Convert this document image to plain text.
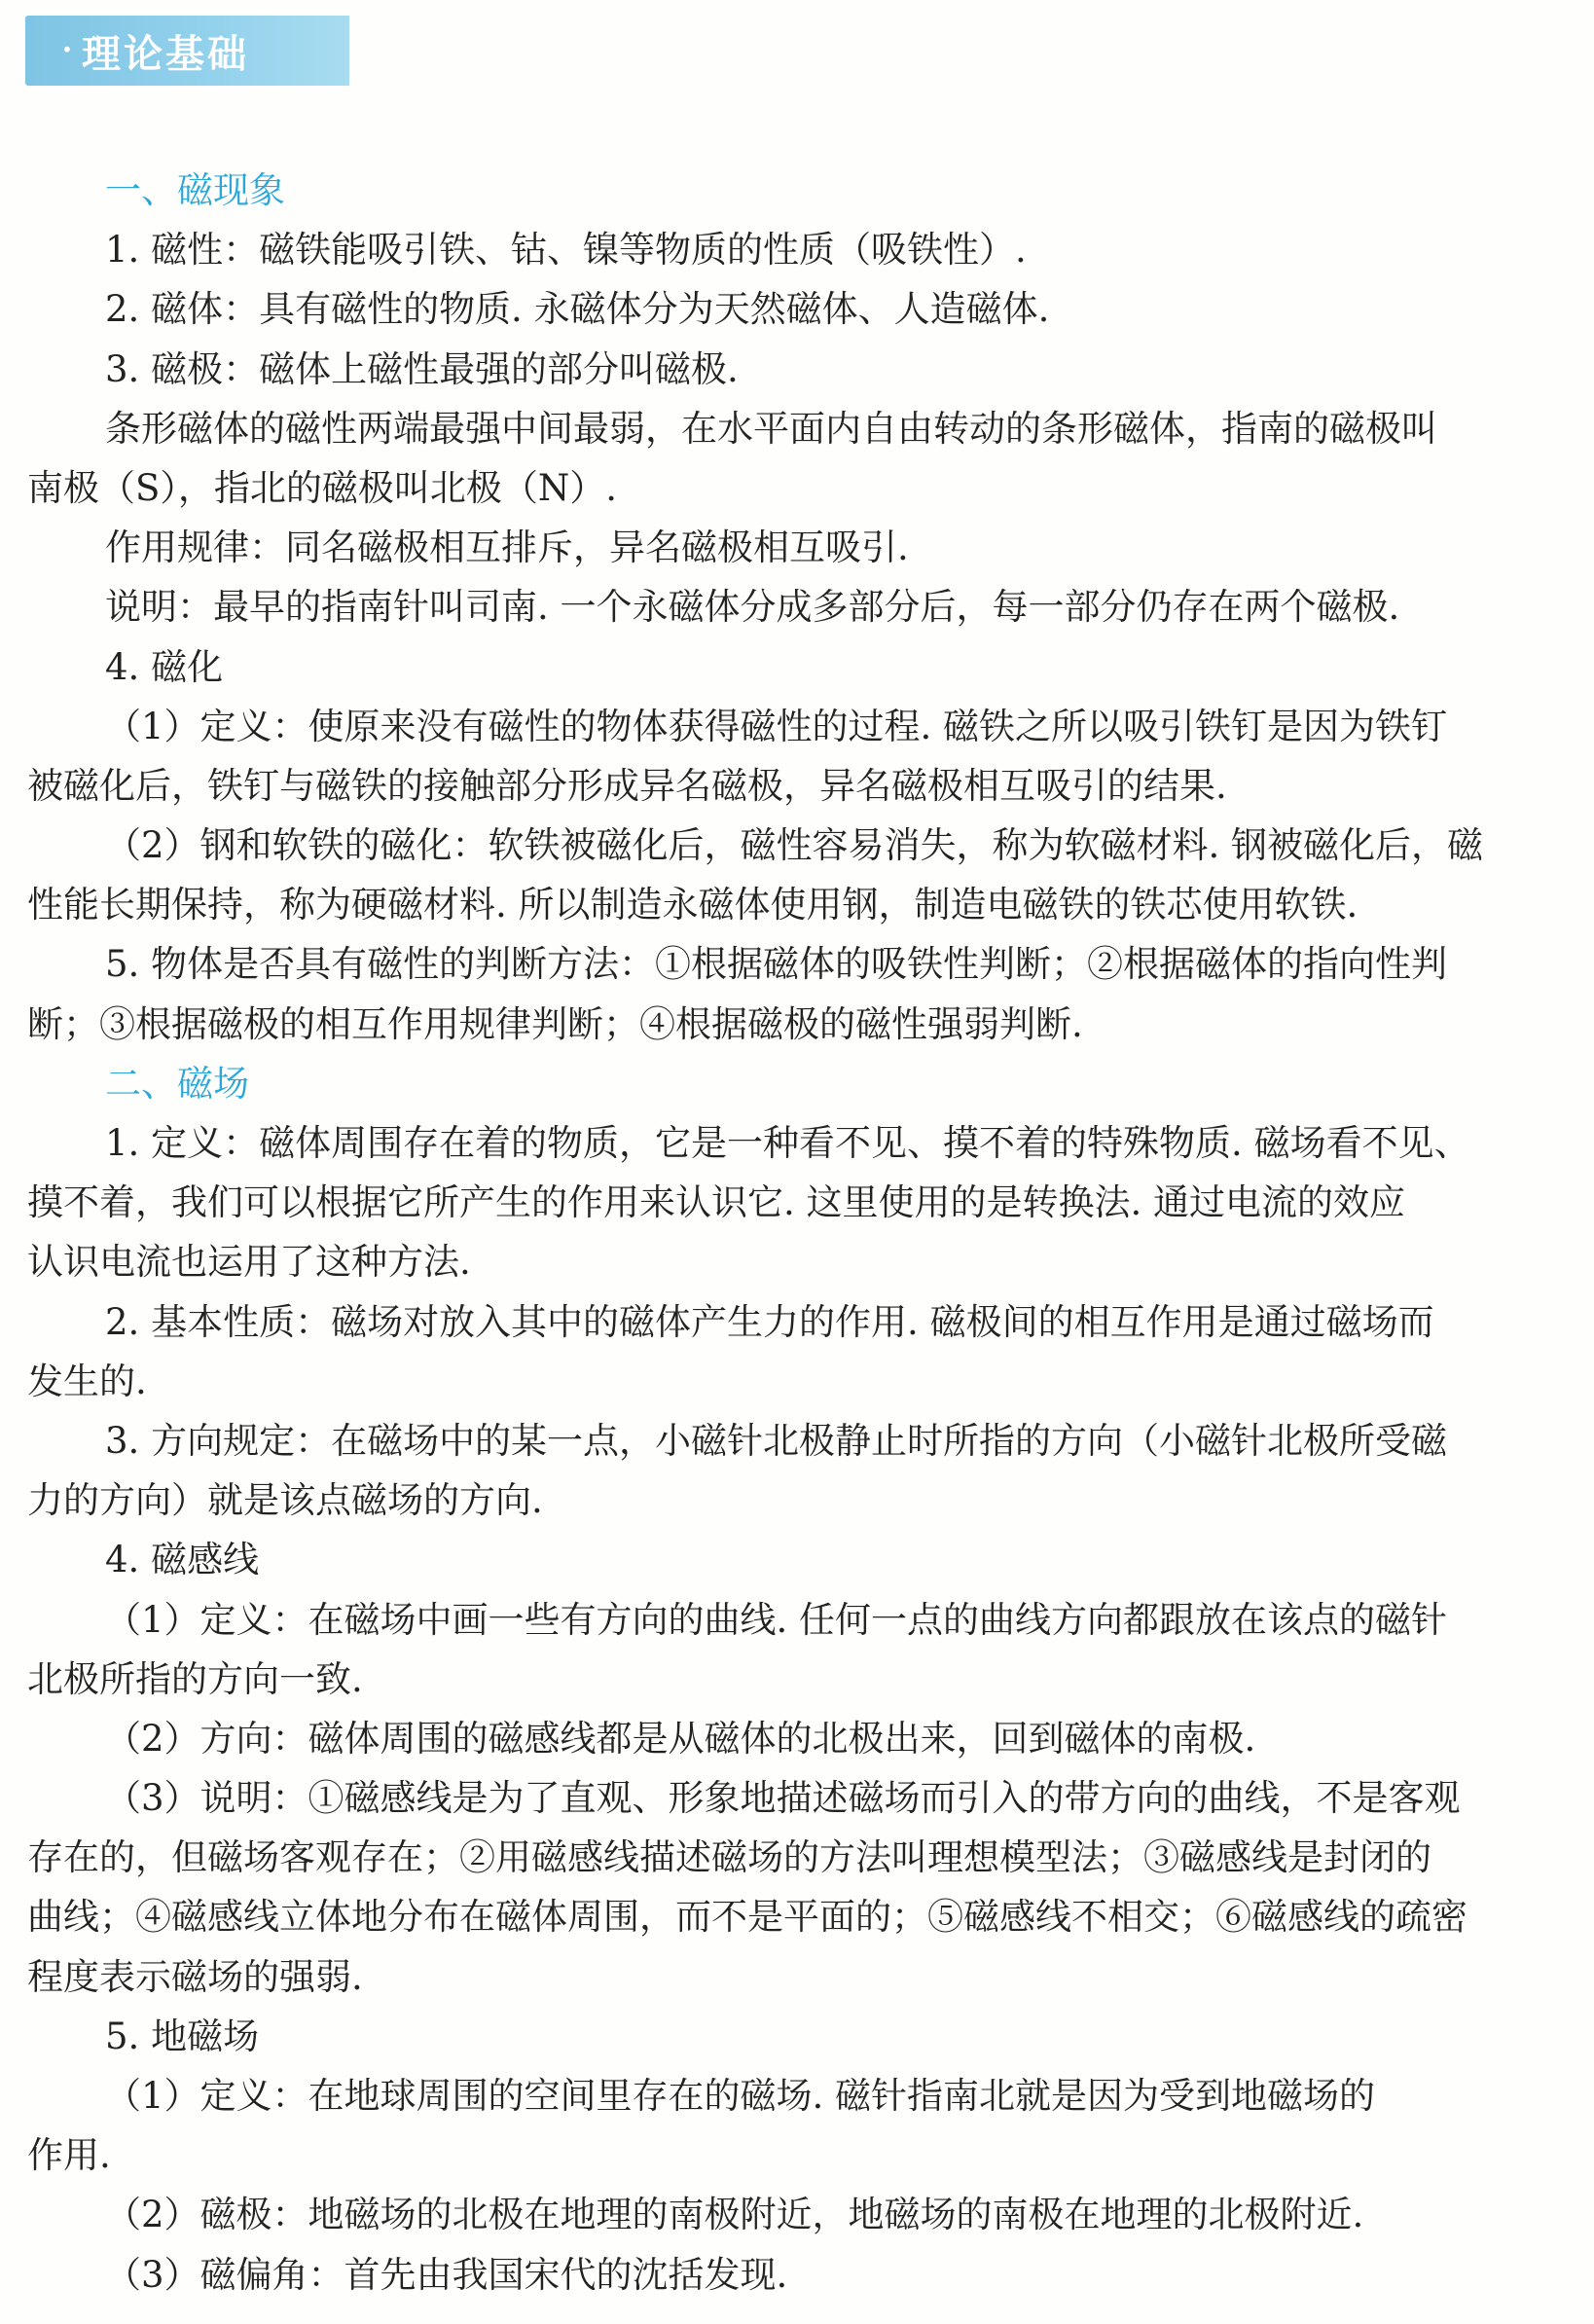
· 理论基础
一、磁现象
1. 磁性：磁铁能吸引铁、钴、镍等物质的性质（吸铁性）.
2. 磁体：具有磁性的物质. 永磁体分为天然磁体、人造磁体.
3. 磁极：磁体上磁性最强的部分叫磁极.
条形磁体的磁性两端最强中间最弱，在水平面内自由转动的条形磁体，指南的磁极叫
南极（S），指北的磁极叫北极（N）.
作用规律：同名磁极相互排斥，异名磁极相互吸引.
说明：最早的指南针叫司南. 一个永磁体分成多部分后，每一部分仍存在两个磁极.
4. 磁化
（1）定义：使原来没有磁性的物体获得磁性的过程. 磁铁之所以吸引铁钉是因为铁钉
被磁化后，铁钉与磁铁的接触部分形成异名磁极，异名磁极相互吸引的结果.
（2）钢和软铁的磁化：软铁被磁化后，磁性容易消失，称为软磁材料. 钢被磁化后，磁
性能长期保持，称为硬磁材料. 所以制造永磁体使用钢，制造电磁铁的铁芯使用软铁.
5. 物体是否具有磁性的判断方法：①根据磁体的吸铁性判断；②根据磁体的指向性判
断；③根据磁极的相互作用规律判断；④根据磁极的磁性强弱判断.
二、磁场
1. 定义：磁体周围存在着的物质，它是一种看不见、摸不着的特殊物质. 磁场看不见、
摸不着，我们可以根据它所产生的作用来认识它. 这里使用的是转换法. 通过电流的效应
认识电流也运用了这种方法.
2. 基本性质：磁场对放入其中的磁体产生力的作用. 磁极间的相互作用是通过磁场而
发生的.
3. 方向规定：在磁场中的某一点，小磁针北极静止时所指的方向（小磁针北极所受磁
力的方向）就是该点磁场的方向.
4. 磁感线
（1）定义：在磁场中画一些有方向的曲线. 任何一点的曲线方向都跟放在该点的磁针
北极所指的方向一致.
（2）方向：磁体周围的磁感线都是从磁体的北极出来，回到磁体的南极.
（3）说明：①磁感线是为了直观、形象地描述磁场而引入的带方向的曲线，不是客观
存在的，但磁场客观存在；②用磁感线描述磁场的方法叫理想模型法；③磁感线是封闭的
曲线；④磁感线立体地分布在磁体周围，而不是平面的；⑤磁感线不相交；⑥磁感线的疏密
程度表示磁场的强弱.
5. 地磁场
（1）定义：在地球周围的空间里存在的磁场. 磁针指南北就是因为受到地磁场的
作用.
（2）磁极：地磁场的北极在地理的南极附近，地磁场的南极在地理的北极附近.
（3）磁偏角：首先由我国宋代的沈括发现.
